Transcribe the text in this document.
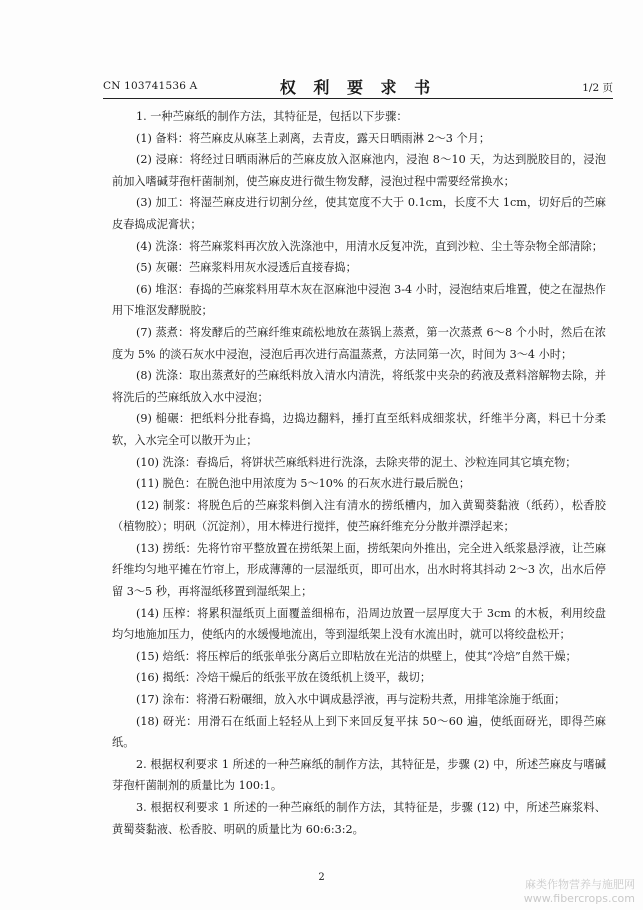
CN 103741536 A	权 利 要 求 书	1/2 页

1. 一种苎麻纸的制作方法，其特征是，包括以下步骤：

(1) 备料：将苎麻皮从麻茎上剥离，去青皮，露天日晒雨淋 2～3 个月；

(2) 浸麻：将经过日晒雨淋后的苎麻皮放入沤麻池内，浸泡 8～10 天，为达到脱胶目的，浸泡前加入嗜碱芽孢杆菌制剂，使苎麻皮进行微生物发酵，浸泡过程中需要经常换水；

(3) 加工：将湿苎麻皮进行切割分丝，使其宽度不大于 0.1cm，长度不大 1cm，切好后的苎麻皮春捣成泥膏状；

(4) 洗涤：将苎麻浆料再次放入洗涤池中，用清水反复冲洗，直到沙粒、尘土等杂物全部清除；

(5) 灰碾：苎麻浆料用灰水浸透后直接春捣；

(6) 堆沤：春捣的苎麻浆料用草木灰在沤麻池中浸泡 3-4 小时，浸泡结束后堆置，使之在湿热作用下堆沤发酵脱胶；

(7) 蒸煮：将发酵后的苎麻纤维束疏松地放在蒸锅上蒸煮，第一次蒸煮 6～8 个小时，然后在浓度为 5% 的淡石灰水中浸泡，浸泡后再次进行高温蒸煮，方法同第一次，时间为 3～4 小时；

(8) 洗涤：取出蒸煮好的苎麻纸料放入清水内清洗，将纸浆中夹杂的药液及煮料溶解物去除，并将洗后的苎麻纸放入水中浸泡；

(9) 槌碾：把纸料分批春捣，边捣边翻料，捶打直至纸料成细浆状，纤维半分离，料已十分柔软，入水完全可以散开为止；

(10) 洗涤：春捣后，将饼状苎麻纸料进行洗涤，去除夹带的泥土、沙粒连同其它填充物；

(11) 脱色：在脱色池中用浓度为 5～10% 的石灰水进行最后脱色；

(12) 制浆：将脱色后的苎麻浆料倒入注有清水的捞纸槽内，加入黄蜀葵黏液（纸药），松香胶（植物胶）；明矾（沉淀剂），用木棒进行搅拌，使苎麻纤维充分分散并漂浮起来；

(13) 捞纸：先将竹帘平整放置在捞纸架上面，捞纸架向外推出，完全进入纸浆悬浮液，让苎麻纤维均匀地平摊在竹帘上，形成薄薄的一层湿纸页，即可出水，出水时将其抖动 2～3 次，出水后停留 3～5 秒，再将湿纸移置到湿纸架上；

(14) 压榨：将累积湿纸页上面覆盖细棉布，沿周边放置一层厚度大于 3cm 的木板，利用绞盘均匀地施加压力，使纸内的水缓慢地流出，等到湿纸架上没有水流出时，就可以将绞盘松开；

(15) 焙纸：将压榨后的纸张单张分离后立即粘放在光洁的烘壁上，使其“冷焙”自然干燥；

(16) 揭纸：冷焙干燥后的纸张平放在烫纸机上烫平，裁切；

(17) 涂布：将滑石粉碾细，放入水中调成悬浮液，再与淀粉共煮，用排笔涂施于纸面；

(18) 砑光：用滑石在纸面上轻轻从上到下来回反复平抹 50～60 遍，使纸面砑光，即得苎麻纸。

2. 根据权利要求 1 所述的一种苎麻纸的制作方法，其特征是，步骤 (2) 中，所述苎麻皮与嗜碱芽孢杆菌制剂的质量比为 100:1。

3. 根据权利要求 1 所述的一种苎麻纸的制作方法，其特征是，步骤 (12) 中，所述苎麻浆料、黄蜀葵黏液、松香胶、明矾的质量比为 60:6:3:2。

2
麻类作物营养与施肥网
www.fibercrops.com
